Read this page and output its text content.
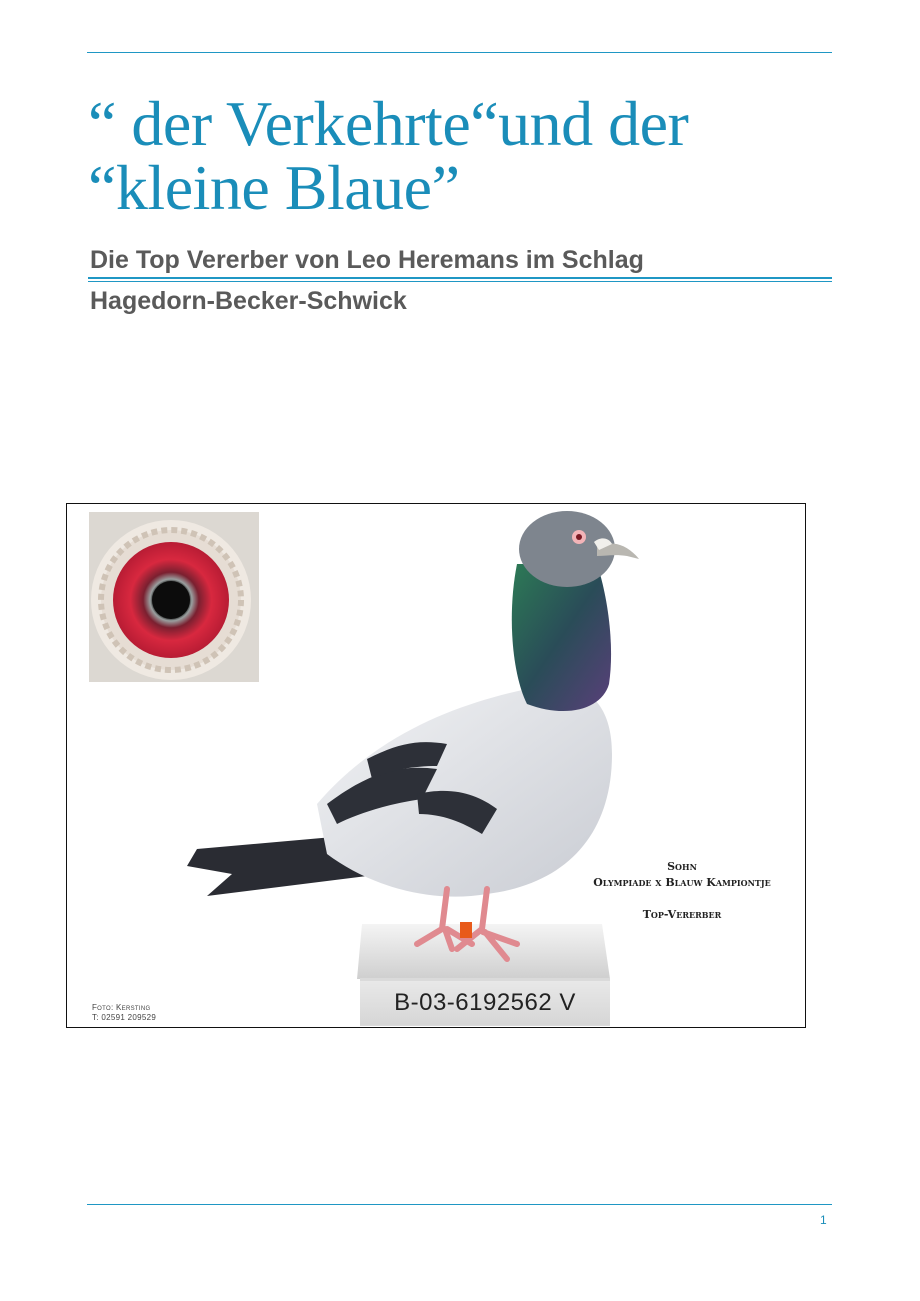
“ der Verkehrte“und der
“kleine Blaue”

Die Top Vererber von Leo Heremans im Schlag

Hagedorn-Becker-Schwick

Sohn
Olympiade x Blauw Kampiontje
Top-Vererber
Foto: Kersting
T: 02591 209529
B-03-6192562 V
1
